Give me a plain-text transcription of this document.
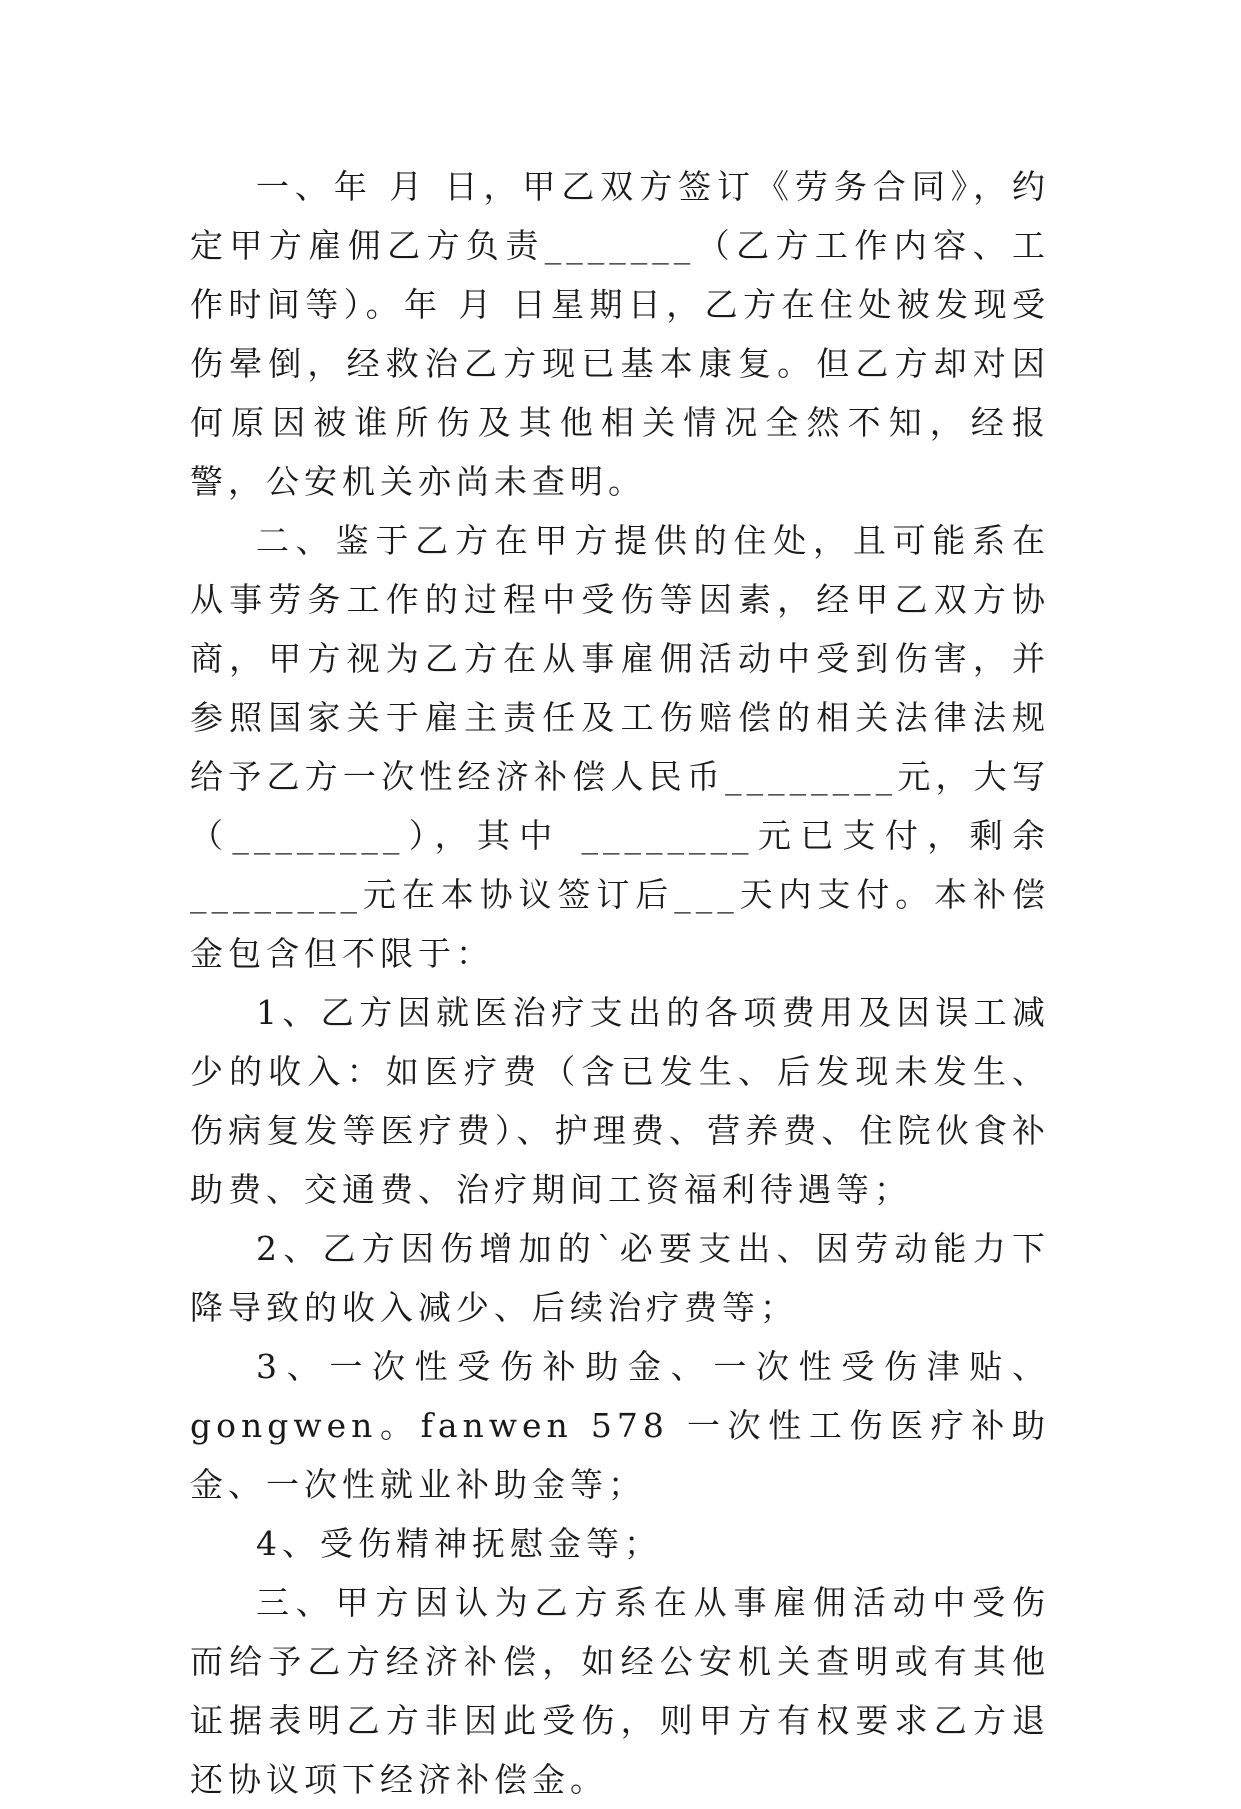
一、年 月 日，甲乙双方签订《劳务合同》，约定甲方雇佣乙方负责_______（乙方工作内容、工作时间等）。年 月 日星期日，乙方在住处被发现受伤晕倒，经救治乙方现已基本康复。但乙方却对因何原因被谁所伤及其他相关情况全然不知，经报警，公安机关亦尚未查明。

二、鉴于乙方在甲方提供的住处，且可能系在从事劳务工作的过程中受伤等因素，经甲乙双方协商，甲方视为乙方在从事雇佣活动中受到伤害，并参照国家关于雇主责任及工伤赔偿的相关法律法规给予乙方一次性经济补偿人民币________元，大写（________），其中 ________元已支付，剩余________元在本协议签订后___天内支付。本补偿金包含但不限于：

1、乙方因就医治疗支出的各项费用及因误工减少的收入：如医疗费（含已发生、后发现未发生、伤病复发等医疗费）、护理费、营养费、住院伙食补助费、交通费、治疗期间工资福利待遇等；

2、乙方因伤增加的`必要支出、因劳动能力下降导致的收入减少、后续治疗费等；

3、一次性受伤补助金、一次性受伤津贴、gongwen。fanwen 578 一次性工伤医疗补助金、一次性就业补助金等；

4、受伤精神抚慰金等；

三、甲方因认为乙方系在从事雇佣活动中受伤而给予乙方经济补偿，如经公安机关查明或有其他证据表明乙方非因此受伤，则甲方有权要求乙方退还协议项下经济补偿金。
